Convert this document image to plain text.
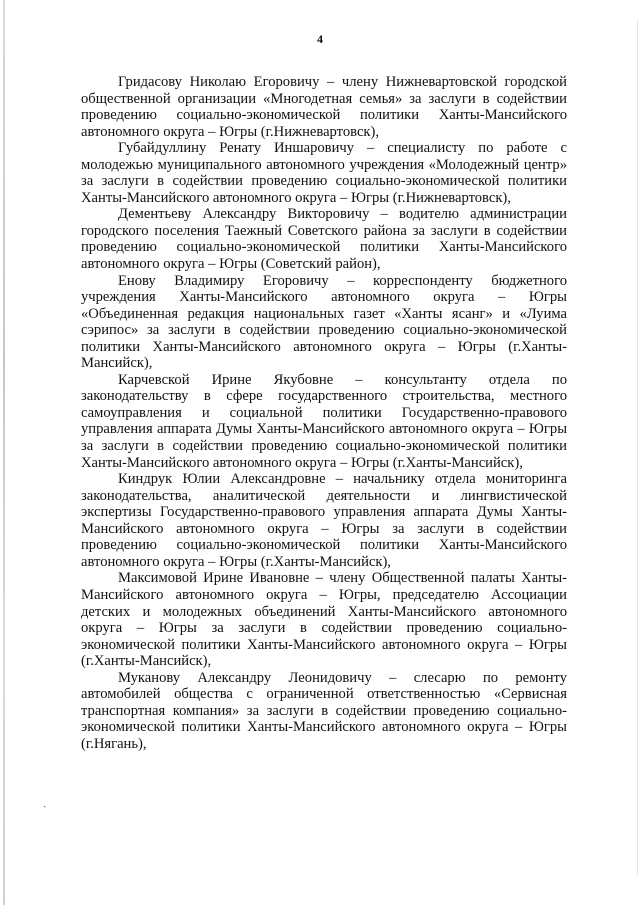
4

Гридасову Николаю Егоровичу – члену Нижневартовской городской общественной организации «Многодетная семья» за заслуги в содействии проведению социально-экономической политики Ханты-Мансийского автономного округа – Югры (г.Нижневартовск),

Губайдуллину Ренату Иншаровичу – специалисту по работе с молодежью муниципального автономного учреждения «Молодежный центр» за заслуги в содействии проведению социально-экономической политики Ханты-Мансийского автономного округа – Югры (г.Нижневартовск),

Дементьеву Александру Викторовичу – водителю администрации городского поселения Таежный Советского района за заслуги в содействии проведению социально-экономической политики Ханты-Мансийского автономного округа – Югры (Советский район),

Енову Владимиру Егоровичу – корреспонденту бюджетного учреждения Ханты-Мансийского автономного округа – Югры «Объединенная редакция национальных газет «Ханты ясанг» и «Луима сэрипос» за заслуги в содействии проведению социально-экономической политики Ханты-Мансийского автономного округа – Югры (г.Ханты-Мансийск),

Карчевской Ирине Якубовне – консультанту отдела по законодательству в сфере государственного строительства, местного самоуправления и социальной политики Государственно-правового управления аппарата Думы Ханты-Мансийского автономного округа – Югры за заслуги в содействии проведению социально-экономической политики Ханты-Мансийского автономного округа – Югры (г.Ханты-Мансийск),

Киндрук Юлии Александровне – начальнику отдела мониторинга законодательства, аналитической деятельности и лингвистической экспертизы Государственно-правового управления аппарата Думы Ханты-Мансийского автономного округа – Югры за заслуги в содействии проведению социально-экономической политики Ханты-Мансийского автономного округа – Югры (г.Ханты-Мансийск),

Максимовой Ирине Ивановне – члену Общественной палаты Ханты-Мансийского автономного округа – Югры, председателю Ассоциации детских и молодежных объединений Ханты-Мансийского автономного округа – Югры за заслуги в содействии проведению социально-экономической политики Ханты-Мансийского автономного округа – Югры (г.Ханты-Мансийск),

Муканову Александру Леонидовичу – слесарю по ремонту автомобилей общества с ограниченной ответственностью «Сервисная транспортная компания» за заслуги в содействии проведению социально-экономической политики Ханты-Мансийского автономного округа – Югры (г.Нягань),

ˏ
